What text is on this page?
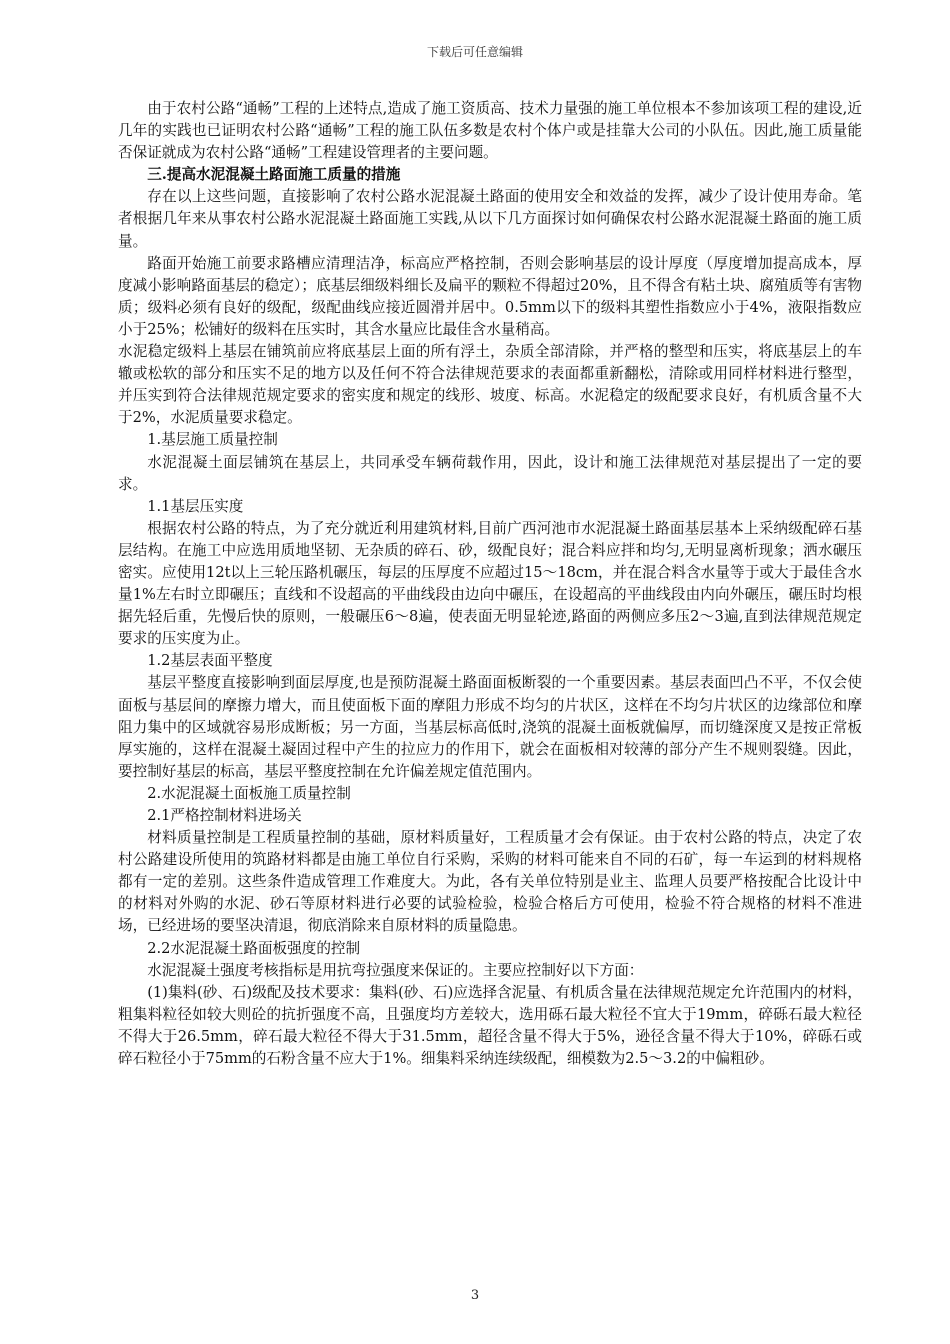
下载后可任意编辑

由于农村公路“通畅”工程的上述特点,造成了施工资质高、技术力量强的施工单位根本不参加该项工程的建设,近几年的实践也已证明农村公路“通畅”工程的施工队伍多数是农村个体户或是挂靠大公司的小队伍。因此,施工质量能否保证就成为农村公路“通畅”工程建设管理者的主要问题。

三.提高水泥混凝土路面施工质量的措施

存在以上这些问题，直接影响了农村公路水泥混凝土路面的使用安全和效益的发挥，减少了设计使用寿命。笔者根据几年来从事农村公路水泥混凝土路面施工实践,从以下几方面探讨如何确保农村公路水泥混凝土路面的施工质量。

路面开始施工前要求路槽应清理洁净，标高应严格控制，否则会影响基层的设计厚度（厚度增加提高成本，厚度减小影响路面基层的稳定）；底基层细级料细长及扁平的颗粒不得超过20%，且不得含有粘土块、腐殖质等有害物质；级料必须有良好的级配，级配曲线应接近圆滑并居中。0.5mm以下的级料其塑性指数应小于4%，液限指数应小于25%；松铺好的级料在压实时，其含水量应比最佳含水量稍高。

水泥稳定级料上基层在铺筑前应将底基层上面的所有浮土，杂质全部清除，并严格的整型和压实，将底基层上的车辙或松软的部分和压实不足的地方以及任何不符合法律规范要求的表面都重新翻松，清除或用同样材料进行整型，并压实到符合法律规范规定要求的密实度和规定的线形、坡度、标高。水泥稳定的级配要求良好，有机质含量不大于2%，水泥质量要求稳定。

1.基层施工质量控制

水泥混凝土面层铺筑在基层上，共同承受车辆荷载作用，因此，设计和施工法律规范对基层提出了一定的要求。

1.1基层压实度

根据农村公路的特点，为了充分就近利用建筑材料,目前广西河池市水泥混凝土路面基层基本上采纳级配碎石基层结构。在施工中应选用质地坚韧、无杂质的碎石、砂，级配良好；混合料应拌和均匀,无明显离析现象；洒水碾压密实。应使用12t以上三轮压路机碾压，每层的压厚度不应超过15～18cm，并在混合料含水量等于或大于最佳含水量1%左右时立即碾压；直线和不设超高的平曲线段由边向中碾压，在设超高的平曲线段由内向外碾压，碾压时均根据先轻后重，先慢后快的原则，一般碾压6～8遍，使表面无明显轮迹,路面的两侧应多压2～3遍,直到法律规范规定要求的压实度为止。

1.2基层表面平整度

基层平整度直接影响到面层厚度,也是预防混凝土路面面板断裂的一个重要因素。基层表面凹凸不平，不仅会使面板与基层间的摩擦力增大，而且使面板下面的摩阻力形成不均匀的片状区，这样在不均匀片状区的边缘部位和摩阻力集中的区域就容易形成断板；另一方面，当基层标高低时,浇筑的混凝土面板就偏厚，而切缝深度又是按正常板厚实施的，这样在混凝土凝固过程中产生的拉应力的作用下，就会在面板相对较薄的部分产生不规则裂缝。因此，要控制好基层的标高，基层平整度控制在允许偏差规定值范围内。

2.水泥混凝土面板施工质量控制

2.1严格控制材料进场关

材料质量控制是工程质量控制的基础，原材料质量好，工程质量才会有保证。由于农村公路的特点，决定了农村公路建设所使用的筑路材料都是由施工单位自行采购，采购的材料可能来自不同的石矿，每一车运到的材料规格都有一定的差别。这些条件造成管理工作难度大。为此，各有关单位特别是业主、监理人员要严格按配合比设计中的材料对外购的水泥、砂石等原材料进行必要的试验检验，检验合格后方可使用，检验不符合规格的材料不准进场，已经进场的要坚决清退，彻底消除来自原材料的质量隐患。

2.2水泥混凝土路面板强度的控制

水泥混凝土强度考核指标是用抗弯拉强度来保证的。主要应控制好以下方面：

(1)集料(砂、石)级配及技术要求：集料(砂、石)应选择含泥量、有机质含量在法律规范规定允许范围内的材料，粗集料粒径如较大则砼的抗折强度不高，且强度均方差较大，选用砾石最大粒径不宜大于19mm，碎砾石最大粒径不得大于26.5mm，碎石最大粒径不得大于31.5mm，超径含量不得大于5%，逊径含量不得大于10%，碎砾石或碎石粒径小于75mm的石粉含量不应大于1%。细集料采纳连续级配，细模数为2.5～3.2的中偏粗砂。

3
